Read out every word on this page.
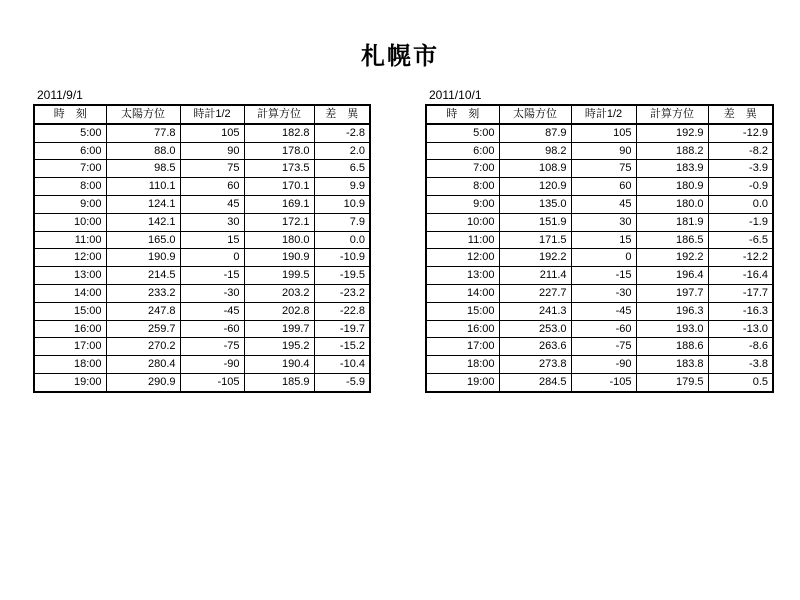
札幌市
2011/9/1
時　刻	太陽方位	時計1/2	計算方位	差　異
5:00	77.8	105	182.8	-2.8
6:00	88.0	90	178.0	2.0
7:00	98.5	75	173.5	6.5
8:00	110.1	60	170.1	9.9
9:00	124.1	45	169.1	10.9
10:00	142.1	30	172.1	7.9
11:00	165.0	15	180.0	0.0
12:00	190.9	0	190.9	-10.9
13:00	214.5	-15	199.5	-19.5
14:00	233.2	-30	203.2	-23.2
15:00	247.8	-45	202.8	-22.8
16:00	259.7	-60	199.7	-19.7
17:00	270.2	-75	195.2	-15.2
18:00	280.4	-90	190.4	-10.4
19:00	290.9	-105	185.9	-5.9
2011/10/1
時　刻	太陽方位	時計1/2	計算方位	差　異
5:00	87.9	105	192.9	-12.9
6:00	98.2	90	188.2	-8.2
7:00	108.9	75	183.9	-3.9
8:00	120.9	60	180.9	-0.9
9:00	135.0	45	180.0	0.0
10:00	151.9	30	181.9	-1.9
11:00	171.5	15	186.5	-6.5
12:00	192.2	0	192.2	-12.2
13:00	211.4	-15	196.4	-16.4
14:00	227.7	-30	197.7	-17.7
15:00	241.3	-45	196.3	-16.3
16:00	253.0	-60	193.0	-13.0
17:00	263.6	-75	188.6	-8.6
18:00	273.8	-90	183.8	-3.8
19:00	284.5	-105	179.5	0.5
